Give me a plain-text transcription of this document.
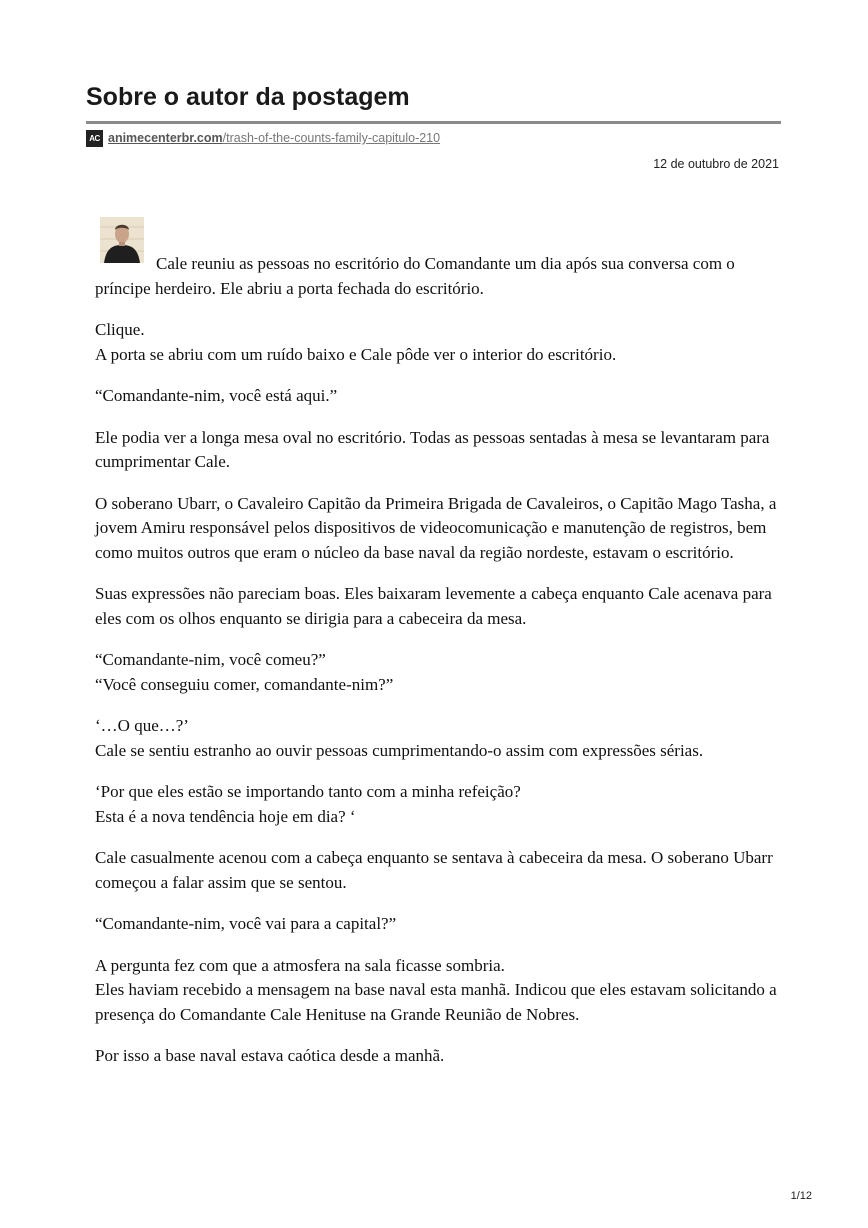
Sobre o autor da postagem
AC animecenterbr.com /trash-of-the-counts-family-capitulo-210
12 de outubro de 2021

Cale reuniu as pessoas no escritório do Comandante um dia após sua conversa com o príncipe herdeiro. Ele abriu a porta fechada do escritório.

Clique.
A porta se abriu com um ruído baixo e Cale pôde ver o interior do escritório.

“Comandante-nim, você está aqui.”

Ele podia ver a longa mesa oval no escritório. Todas as pessoas sentadas à mesa se levantaram para cumprimentar Cale.

O soberano Ubarr, o Cavaleiro Capitão da Primeira Brigada de Cavaleiros, o Capitão Mago Tasha, a jovem Amiru responsável pelos dispositivos de videocomunicação e manutenção de registros, bem como muitos outros que eram o núcleo da base naval da região nordeste, estavam o escritório.

Suas expressões não pareciam boas. Eles baixaram levemente a cabeça enquanto Cale acenava para eles com os olhos enquanto se dirigia para a cabeceira da mesa.

“Comandante-nim, você comeu?”
“Você conseguiu comer, comandante-nim?”

‘…O que…?’
Cale se sentiu estranho ao ouvir pessoas cumprimentando-o assim com expressões sérias.

‘Por que eles estão se importando tanto com a minha refeição?
Esta é a nova tendência hoje em dia? ‘

Cale casualmente acenou com a cabeça enquanto se sentava à cabeceira da mesa. O soberano Ubarr começou a falar assim que se sentou.

“Comandante-nim, você vai para a capital?”

A pergunta fez com que a atmosfera na sala ficasse sombria.
Eles haviam recebido a mensagem na base naval esta manhã. Indicou que eles estavam solicitando a presença do Comandante Cale Henituse na Grande Reunião de Nobres.

Por isso a base naval estava caótica desde a manhã.

1/12
